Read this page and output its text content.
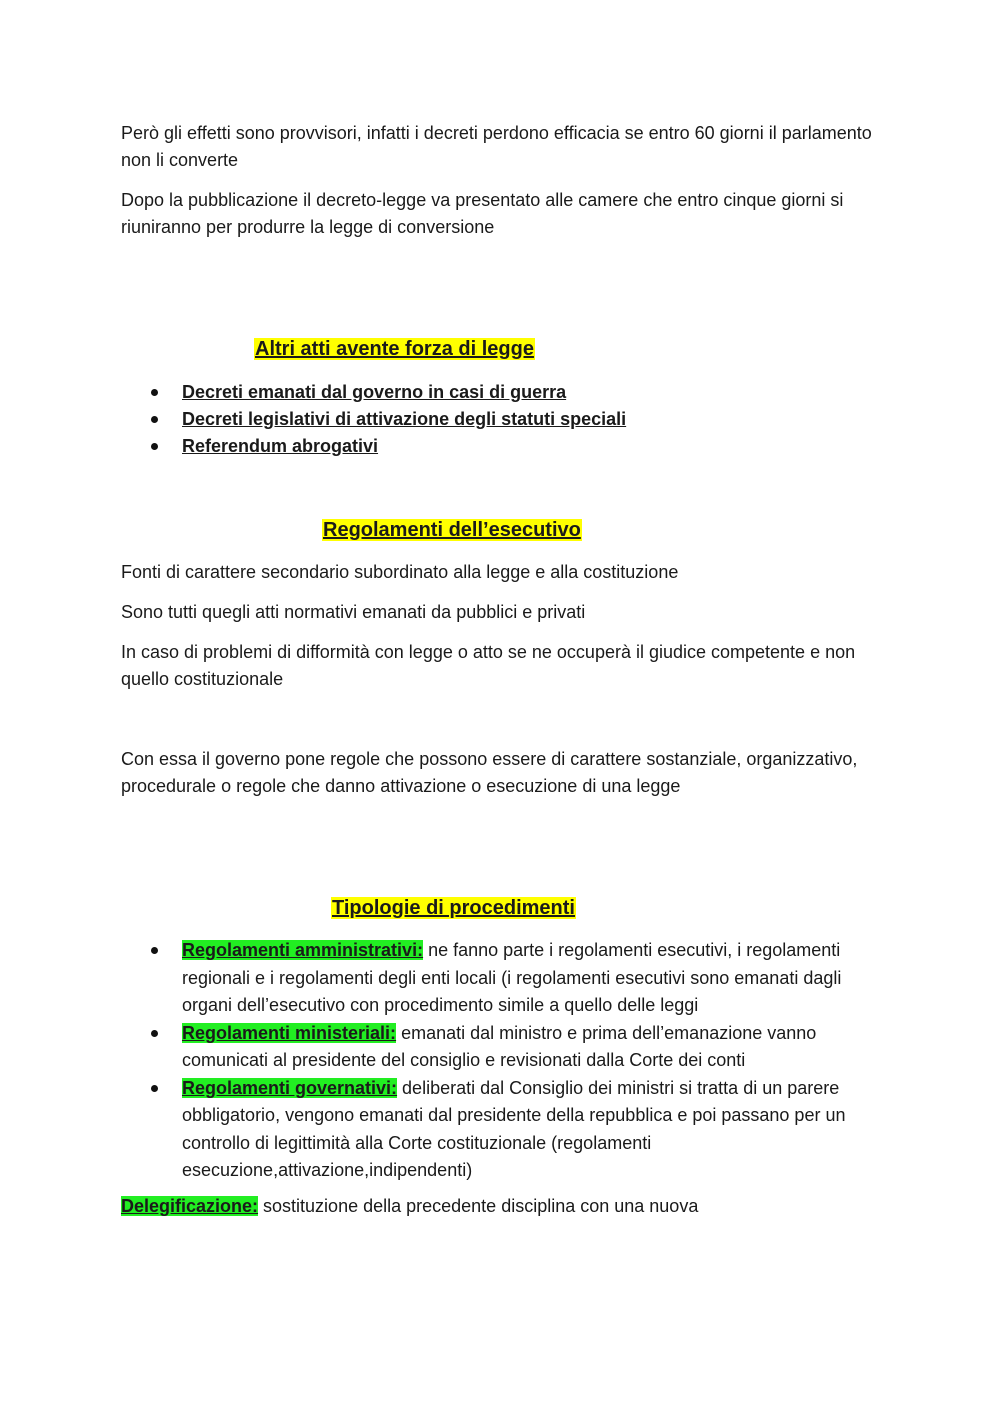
Però gli effetti sono provvisori, infatti i decreti perdono efficacia se entro 60 giorni il parlamento non li converte

Dopo la pubblicazione il decreto-legge va presentato alle camere che entro cinque giorni si riuniranno per produrre la legge di conversione

Altri atti avente forza di legge
Decreti emanati dal governo in casi di guerra
Decreti legislativi di attivazione degli statuti speciali
Referendum abrogativi
Regolamenti dell’esecutivo

Fonti di carattere secondario subordinato alla legge e alla costituzione

Sono tutti quegli atti normativi emanati da pubblici e privati

In caso di problemi di difformità con legge o atto se ne occuperà il giudice competente e non quello costituzionale

Con essa il governo pone regole che possono essere di carattere sostanziale, organizzativo, procedurale o regole che danno attivazione o esecuzione di una legge

Tipologie di procedimenti
Regolamenti amministrativi: ne fanno parte i regolamenti esecutivi, i regolamenti regionali e i regolamenti degli enti locali (i regolamenti esecutivi sono emanati dagli organi dell’esecutivo con procedimento simile a quello delle leggi
Regolamenti ministeriali: emanati dal ministro e prima dell’emanazione vanno comunicati al presidente del consiglio e revisionati dalla Corte dei conti
Regolamenti governativi: deliberati dal Consiglio dei ministri si tratta di un parere obbligatorio, vengono emanati dal presidente della repubblica e poi passano per un controllo di legittimità alla Corte costituzionale (regolamenti esecuzione,attivazione,indipendenti)

Delegificazione: sostituzione della precedente disciplina con una nuova
